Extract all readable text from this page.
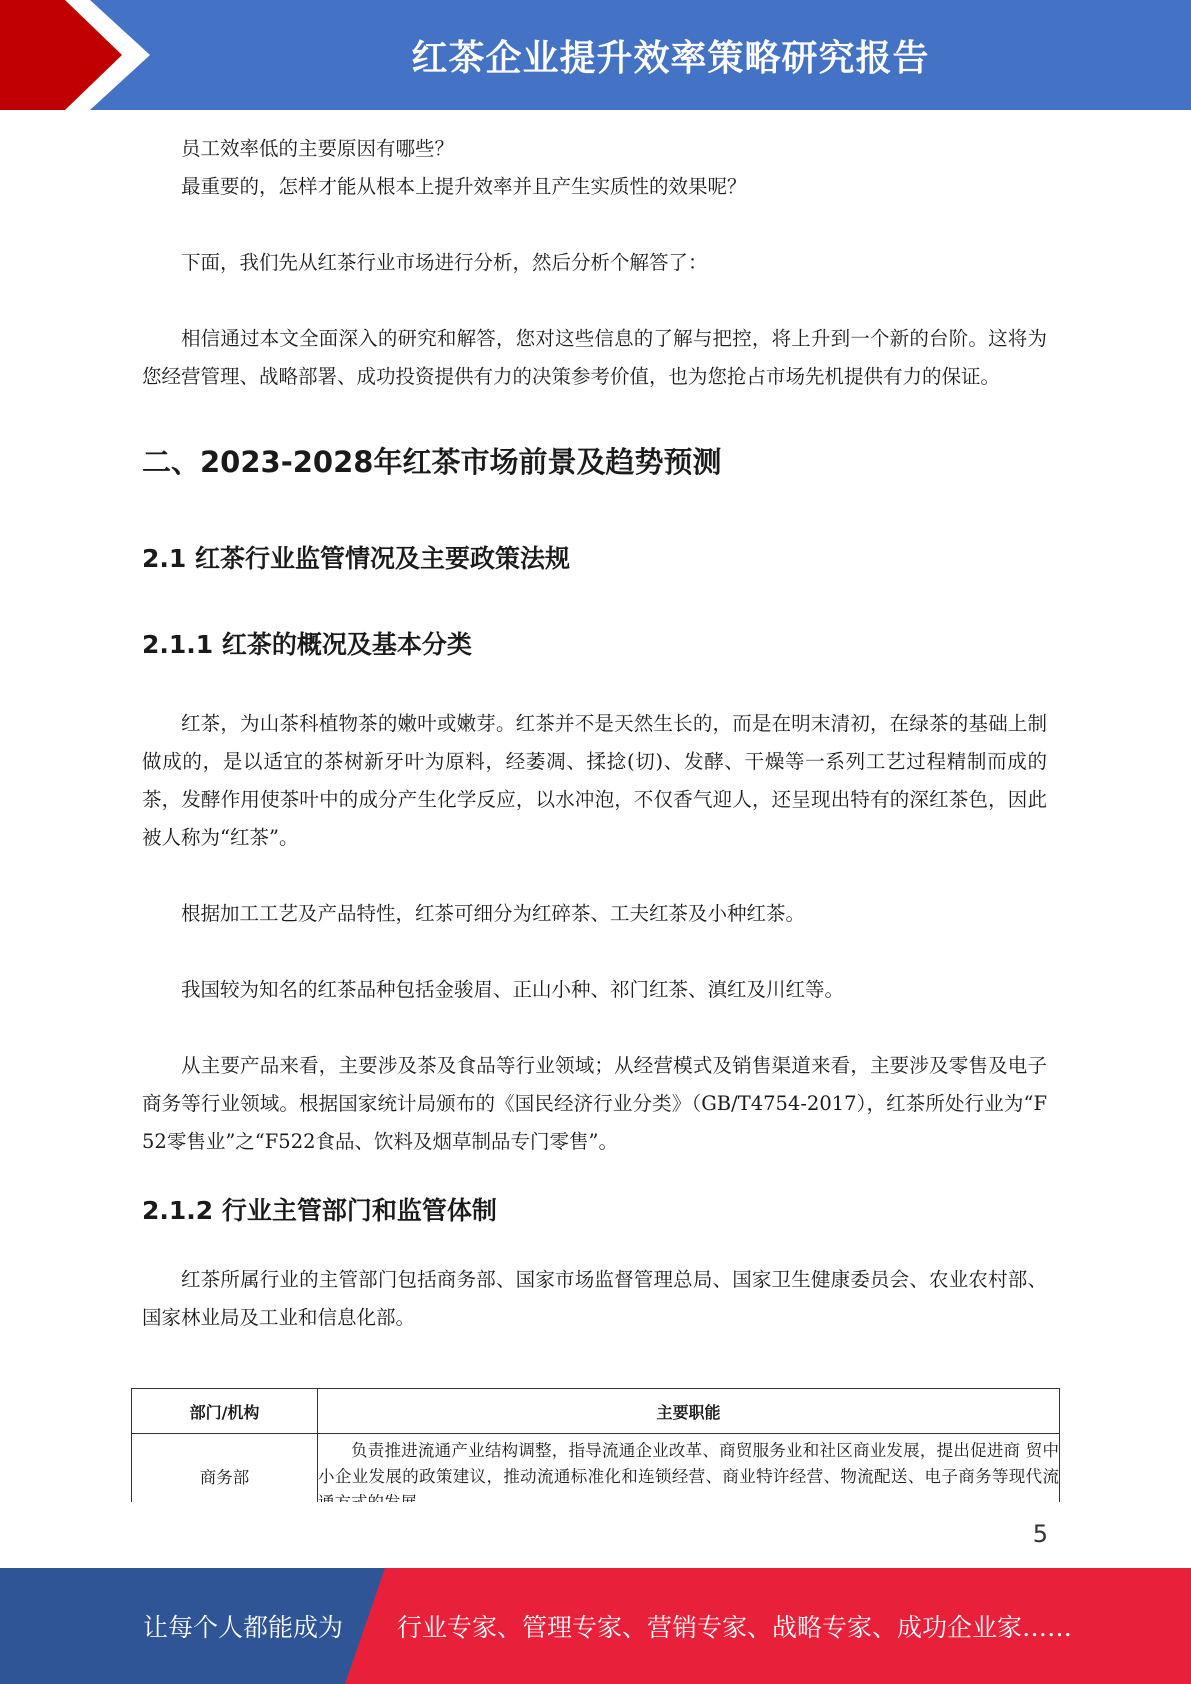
红茶企业提升效率策略研究报告

员工效率低的主要原因有哪些？

最重要的，怎样才能从根本上提升效率并且产生实质性的效果呢？

下面，我们先从红茶行业市场进行分析，然后分析个解答了：

相信通过本文全面深入的研究和解答，您对这些信息的了解与把控，将上升到一个新的台阶。这将为您经营管理、战略部署、成功投资提供有力的决策参考价值，也为您抢占市场先机提供有力的保证。

二、2023-2028年红茶市场前景及趋势预测
2.1 红茶行业监管情况及主要政策法规
2.1.1 红茶的概况及基本分类

红茶，为山茶科植物茶的嫩叶或嫩芽。红茶并不是天然生长的，而是在明末清初，在绿茶的基础上制做成的，是以适宜的茶树新牙叶为原料，经萎凋、揉捻(切)、发酵、干燥等一系列工艺过程精制而成的茶，发酵作用使茶叶中的成分产生化学反应，以水冲泡，不仅香气迎人，还呈现出特有的深红茶色，因此被人称为“红茶”。

根据加工工艺及产品特性，红茶可细分为红碎茶、工夫红茶及小种红茶。

我国较为知名的红茶品种包括金骏眉、正山小种、祁门红茶、滇红及川红等。

从主要产品来看，主要涉及茶及食品等行业领域；从经营模式及销售渠道来看，主要涉及零售及电子商务等行业领域。根据国家统计局颁布的《国民经济行业分类》（GB/T4754-2017），红茶所处行业为“F52零售业”之“F522食品、饮料及烟草制品专门零售”。

2.1.2 行业主管部门和监管体制

红茶所属行业的主管部门包括商务部、国家市场监督管理总局、国家卫生健康委员会、农业农村部、国家林业局及工业和信息化部。

部门/机构	主要职能
商务部	负责推进流通产业结构调整，指导流通企业改革、商贸服务业和社区商业发展，提出促进商 贸中小企业发展的政策建议，推动流通标准化和连锁经营、商业特许经营、物流配送、电子商务等现代流
5
让每个人都能成为 行业专家、管理专家、营销专家、战略专家、成功企业家……
